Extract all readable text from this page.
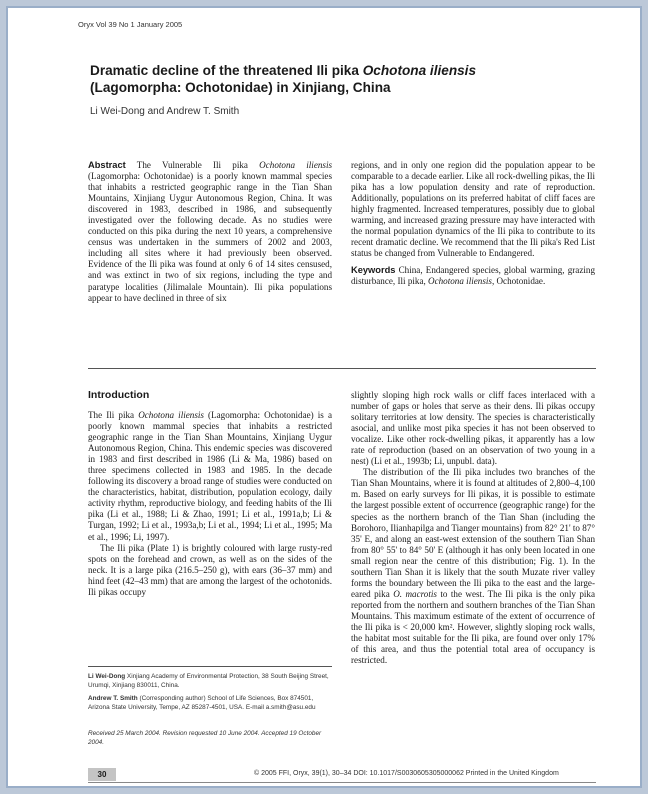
Oryx Vol 39 No 1 January 2005
Dramatic decline of the threatened Ili pika Ochotona iliensis (Lagomorpha: Ochotonidae) in Xinjiang, China
Li Wei-Dong and Andrew T. Smith

Abstract The Vulnerable Ili pika Ochotona iliensis (Lagomorpha: Ochotonidae) is a poorly known mammal species that inhabits a restricted geographic range in the Tian Shan Mountains, Xinjiang Uygur Autonomous Region, China. It was discovered in 1983, described in 1986, and subsequently investigated over the following decade. As no studies were conducted on this pika during the next 10 years, a comprehensive census was undertaken in the summers of 2002 and 2003, including all sites where it had previously been observed. Evidence of the Ili pika was found at only 6 of 14 sites censused, and was extinct in two of six regions, including the type and paratype localities (Jilimalale Mountain). Ili pika populations appear to have declined in three of six

regions, and in only one region did the population appear to be comparable to a decade earlier. Like all rock-dwelling pikas, the Ili pika has a low population density and rate of reproduction. Additionally, populations on its preferred habitat of cliff faces are highly fragmented. Increased temperatures, possibly due to global warming, and increased grazing pressure may have interacted with the normal population dynamics of the Ili pika to contribute to its recent dramatic decline. We recommend that the Ili pika's Red List status be changed from Vulnerable to Endangered.

Keywords China, Endangered species, global warming, grazing disturbance, Ili pika, Ochotona iliensis, Ochotonidae.

Introduction

The Ili pika Ochotona iliensis (Lagomorpha: Ochotonidae) is a poorly known mammal species that inhabits a restricted geographic range in the Tian Shan Mountains, Xinjiang Uygur Autonomous Region, China. This endemic species was discovered in 1983 and first described in 1986 (Li & Ma, 1986) based on three specimens collected in 1983 and 1985. In the decade following its discovery a broad range of studies were conducted on the characteristics, habitat, distribution, population ecology, daily activity rhythm, reproductive biology, and feeding habits of the Ili pika (Li et al., 1988; Li & Zhao, 1991; Li et al., 1991a,b; Li & Turgan, 1992; Li et al., 1993a,b; Li et al., 1994; Li et al., 1995; Ma et al., 1996; Li, 1997).

The Ili pika (Plate 1) is brightly coloured with large rusty-red spots on the forehead and crown, as well as on the sides of the neck. It is a large pika (216.5–250 g), with ears (36–37 mm) and hind feet (42–43 mm) that are among the largest of the ochotonids. Ili pikas occupy

slightly sloping high rock walls or cliff faces interlaced with a number of gaps or holes that serve as their dens. Ili pikas occupy solitary territories at low density. The species is characteristically asocial, and unlike most pika species it has not been observed to vocalize. Like other rock-dwelling pikas, it apparently has a low rate of reproduction (based on an observation of two young in a nest) (Li et al., 1993b; Li, unpubl. data).

The distribution of the Ili pika includes two branches of the Tian Shan Mountains, where it is found at altitudes of 2,800–4,100 m. Based on early surveys for Ili pikas, it is possible to estimate the largest possible extent of occurrence (geographic range) for the species as the northern branch of the Tian Shan (including the Borohoro, Ilianhapilga and Tianger mountains) from 82° 21' to 87° 35' E, and along an east-west extension of the southern Tian Shan from 80° 55' to 84° 50' E (although it has only been located in one small region near the centre of this distribution; Fig. 1). In the southern Tian Shan it is likely that the south Muzate river valley forms the boundary between the Ili pika to the east and the large-eared pika O. macrotis to the west. The Ili pika is the only pika reported from the northern and southern branches of the Tian Shan Mountains. This maximum estimate of the extent of occurrence of the Ili pika is < 20,000 km². However, slightly sloping rock walls, the habitat most suitable for the Ili pika, are found over only 17% of this area, and thus the potential total area of occupancy is restricted.

Li Wei-Dong Xinjiang Academy of Environmental Protection, 38 South Beijing Street, Urumqi, Xinjiang 830011, China.
Andrew T. Smith (Corresponding author) School of Life Sciences, Box 874501, Arizona State University, Tempe, AZ 85287-4501, USA. E-mail a.smith@asu.edu
Received 25 March 2004. Revision requested 10 June 2004. Accepted 19 October 2004.
30	© 2005 FFI, Oryx, 39(1), 30–34 DOI: 10.1017/S0030605305000062 Printed in the United Kingdom
